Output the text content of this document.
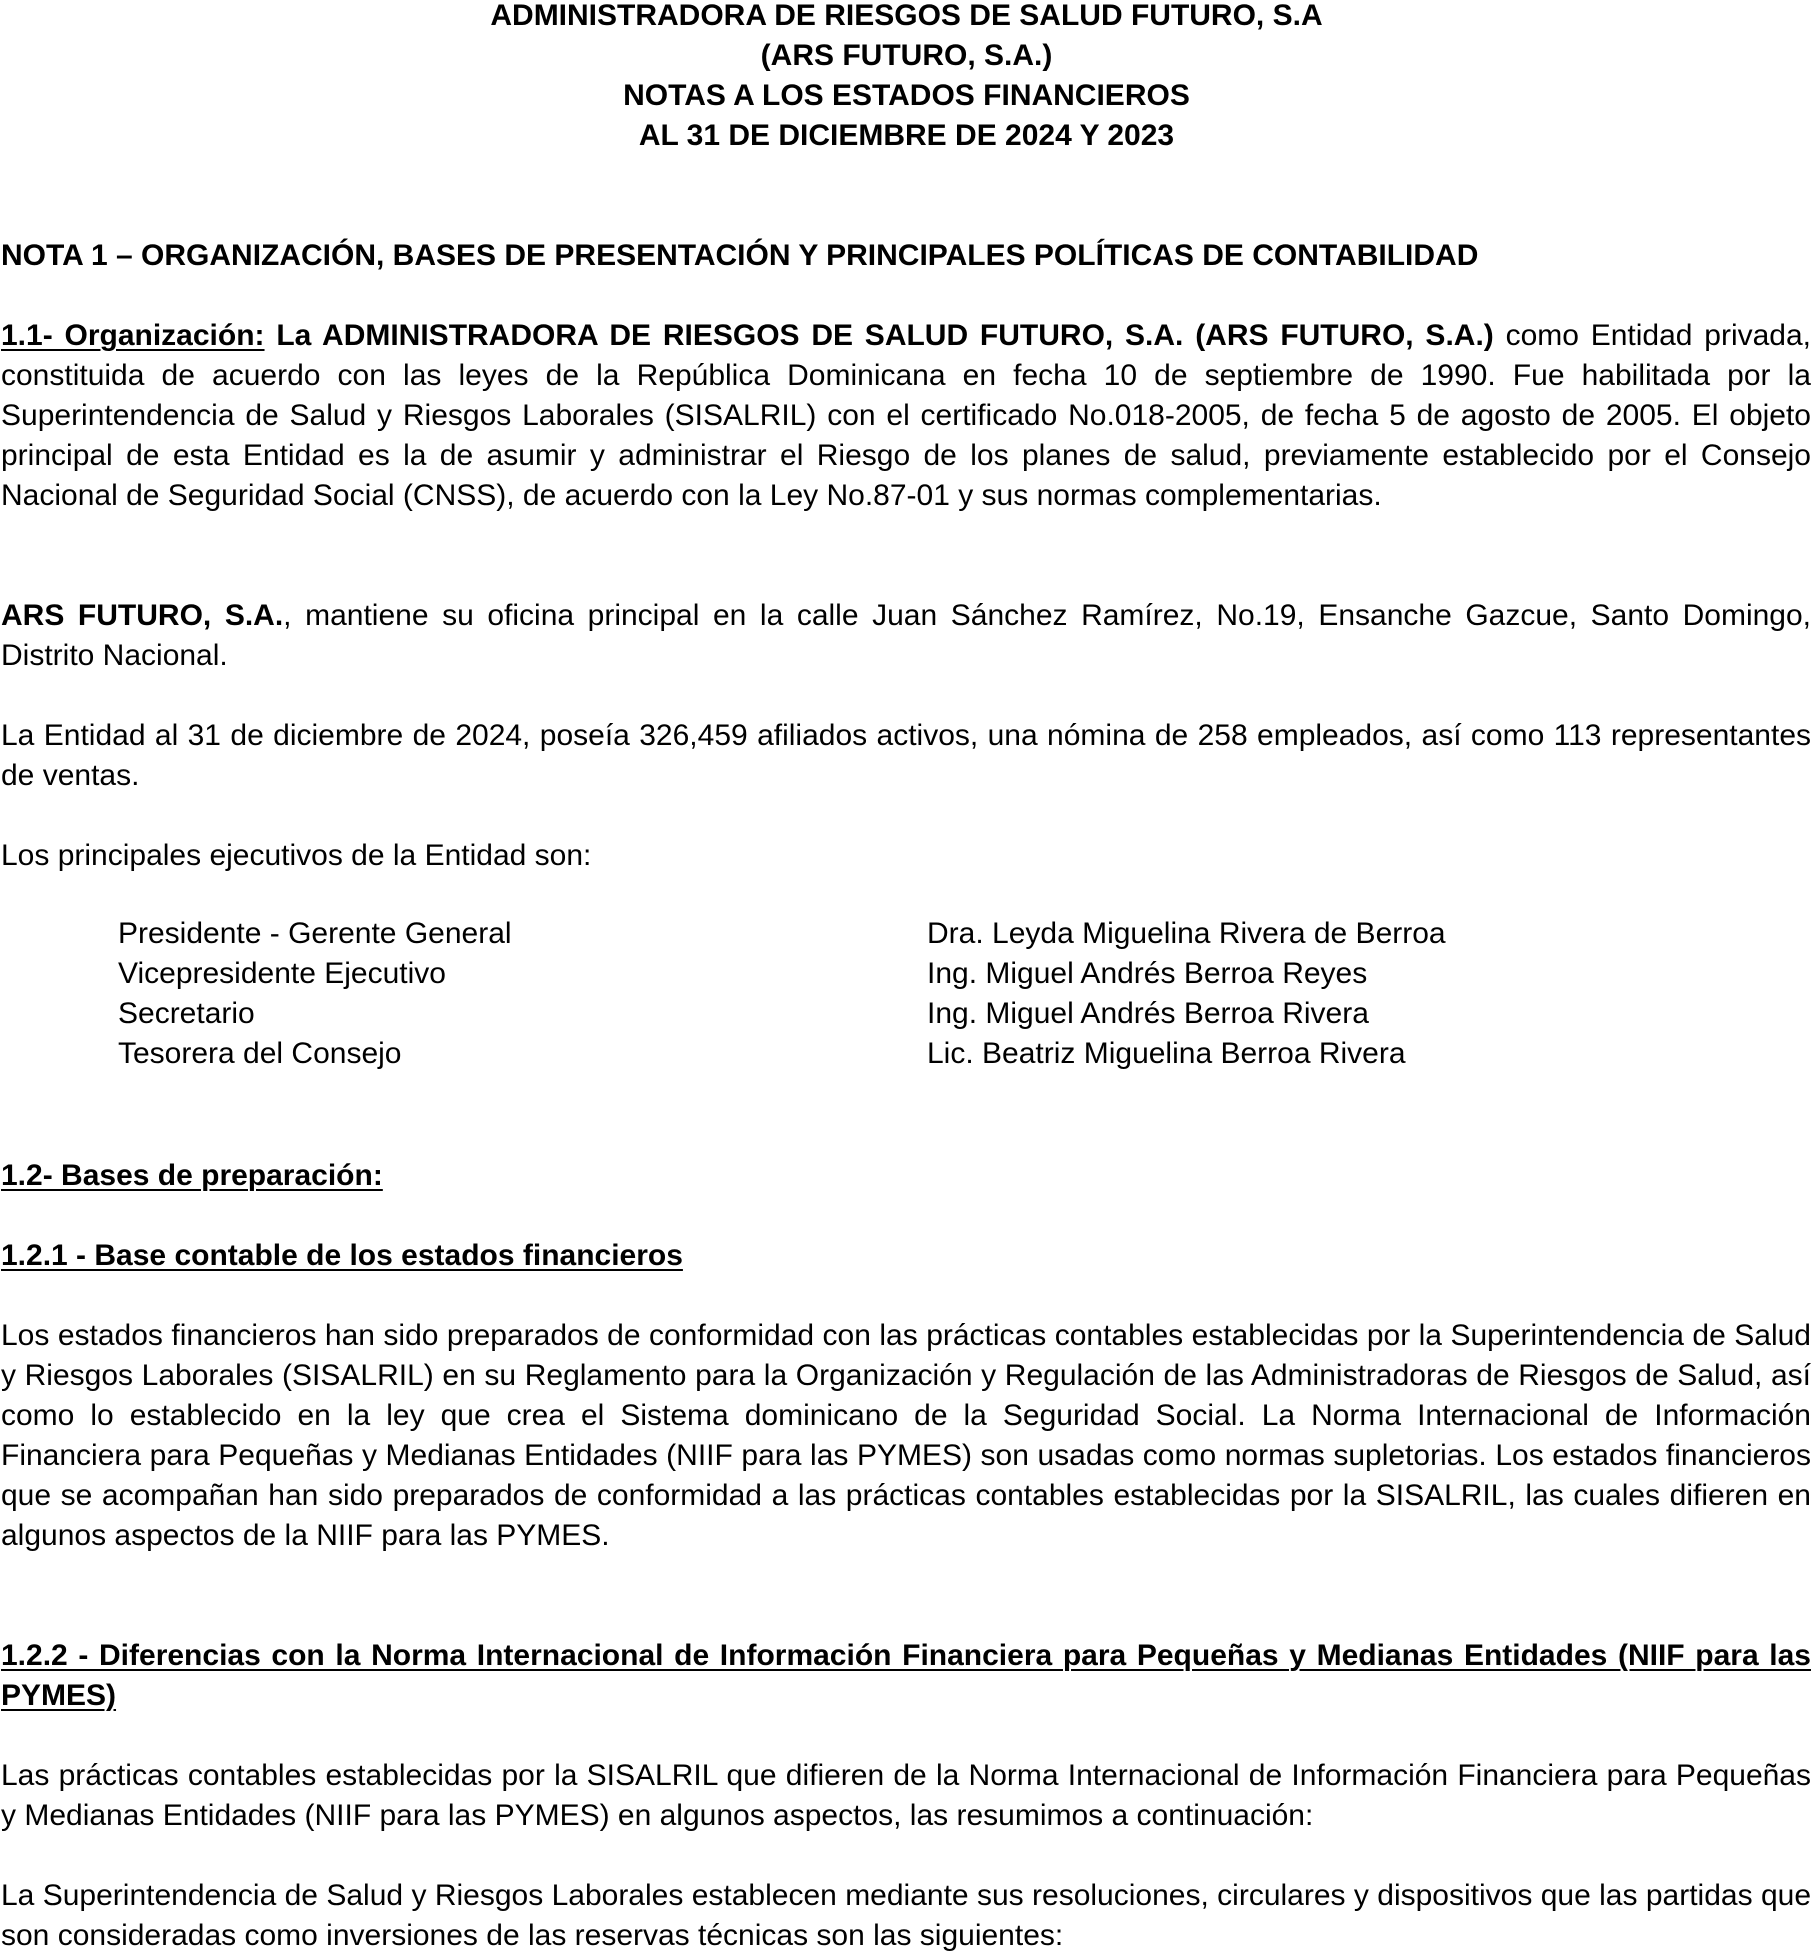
ADMINISTRADORA DE RIESGOS DE SALUD FUTURO, S.A
(ARS FUTURO, S.A.)
NOTAS A LOS ESTADOS FINANCIEROS
AL 31 DE DICIEMBRE DE 2024 Y 2023
NOTA 1 – ORGANIZACIÓN, BASES DE PRESENTACIÓN Y PRINCIPALES POLÍTICAS DE CONTABILIDAD
1.1- Organización: La ADMINISTRADORA DE RIESGOS DE SALUD FUTURO, S.A. (ARS FUTURO, S.A.) como Entidad privada, constituida de acuerdo con las leyes de la República Dominicana en fecha 10 de septiembre de 1990. Fue habilitada por la Superintendencia de Salud y Riesgos Laborales (SISALRIL) con el certificado No.018-2005, de fecha 5 de agosto de 2005. El objeto principal de esta Entidad es la de asumir y administrar el Riesgo de los planes de salud, previamente establecido por el Consejo Nacional de Seguridad Social (CNSS), de acuerdo con la Ley No.87-01 y sus normas complementarias.
ARS FUTURO, S.A., mantiene su oficina principal en la calle Juan Sánchez Ramírez, No.19, Ensanche Gazcue, Santo Domingo, Distrito Nacional.
La Entidad al 31 de diciembre de 2024, poseía 326,459 afiliados activos, una nómina de 258 empleados, así como 113 representantes de ventas.
Los principales ejecutivos de la Entidad son:
Presidente - Gerente General	Dra. Leyda Miguelina Rivera de Berroa
Vicepresidente Ejecutivo	Ing. Miguel Andrés Berroa Reyes
Secretario	Ing. Miguel Andrés Berroa Rivera
Tesorera del Consejo	Lic. Beatriz Miguelina Berroa Rivera
1.2- Bases de preparación:
1.2.1 - Base contable de los estados financieros
Los estados financieros han sido preparados de conformidad con las prácticas contables establecidas por la Superintendencia de Salud y Riesgos Laborales (SISALRIL) en su Reglamento para la Organización y Regulación de las Administradoras de Riesgos de Salud, así como lo establecido en la ley que crea el Sistema dominicano de la Seguridad Social. La Norma Internacional de Información Financiera para Pequeñas y Medianas Entidades (NIIF para las PYMES) son usadas como normas supletorias. Los estados financieros que se acompañan han sido preparados de conformidad a las prácticas contables establecidas por la SISALRIL, las cuales difieren en algunos aspectos de la NIIF para las PYMES.
1.2.2 - Diferencias con la Norma Internacional de Información Financiera para Pequeñas y Medianas Entidades (NIIF para las PYMES)
Las prácticas contables establecidas por la SISALRIL que difieren de la Norma Internacional de Información Financiera para Pequeñas y Medianas Entidades (NIIF para las PYMES) en algunos aspectos, las resumimos a continuación:
La Superintendencia de Salud y Riesgos Laborales establecen mediante sus resoluciones, circulares y dispositivos que las partidas que son consideradas como inversiones de las reservas técnicas son las siguientes:
